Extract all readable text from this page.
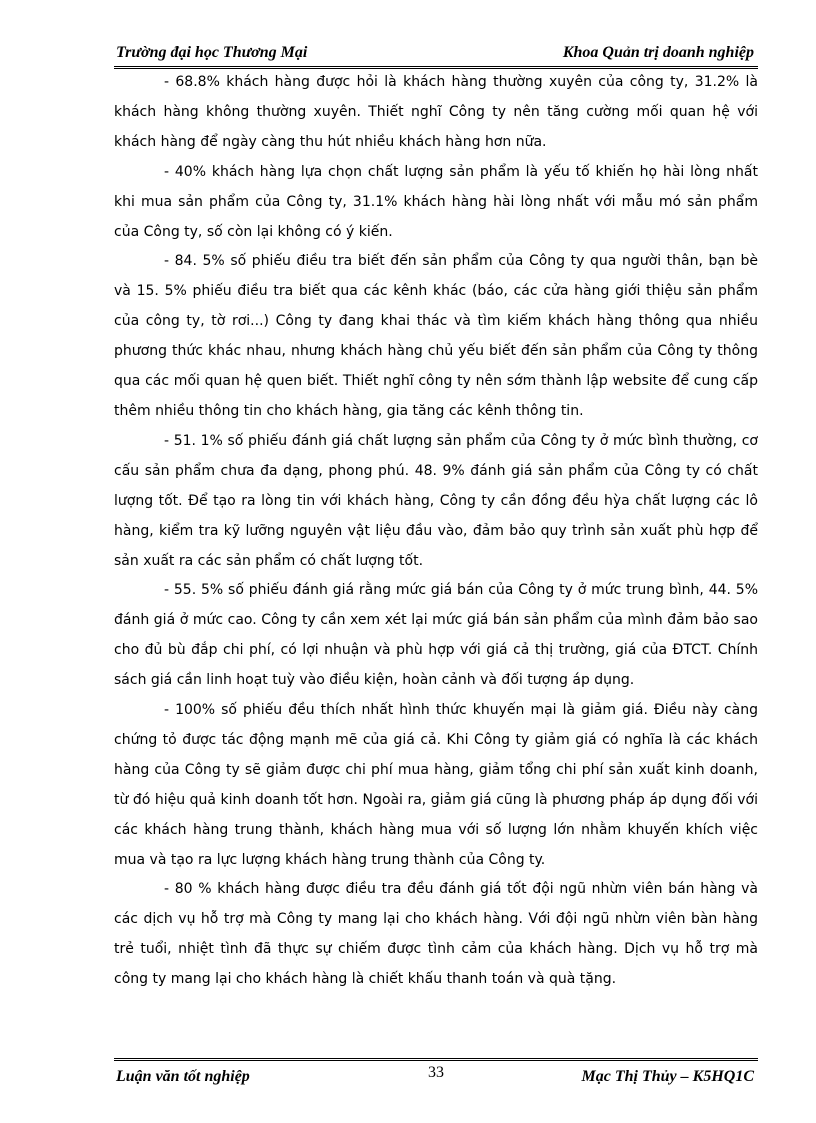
Trường đại học Thương Mại	Khoa Quản trị doanh nghiệp

- 68.8% khách hàng được hỏi là khách hàng thường xuyên của công ty, 31.2% là khách hàng không thường xuyên. Thiết nghĩ Công ty nên tăng cường mối quan hệ với khách hàng để ngày càng thu hút nhiều khách hàng hơn nữa.

- 40% khách hàng lựa chọn chất lượng sản phẩm là yếu tố khiến họ hài lòng nhất khi mua sản phẩm của Công ty, 31.1% khách hàng hài lòng nhất với mẫu mó sản phẩm của Công ty, số còn lại không có ý kiến.

- 84. 5% số phiếu điều tra biết đến sản phẩm của Công ty qua người thân, bạn bè và 15. 5% phiếu điều tra biết qua các kênh khác (báo, các cửa hàng giới thiệu sản phẩm của công ty, tờ rơi...) Công ty đang khai thác và tìm kiếm khách hàng thông qua nhiều phương thức khác nhau, nhưng khách hàng chủ yếu biết đến sản phẩm của Công ty thông qua các mối quan hệ quen biết. Thiết nghĩ công ty nên sớm thành lập website để cung cấp thêm nhiều thông tin cho khách hàng, gia tăng các kênh thông tin.

- 51. 1% số phiếu đánh giá chất lượng sản phẩm của Công ty ở mức bình thường, cơ cấu sản phẩm chưa đa dạng, phong phú. 48. 9% đánh giá sản phẩm của Công ty có chất lượng tốt. Để tạo ra lòng tin với khách hàng, Công ty cần đồng đều hỳa chất lượng các lô hàng, kiểm tra kỹ lưỡng nguyên vật liệu đầu vào, đảm bảo quy trình sản xuất phù hợp để sản xuất ra các sản phẩm có chất lượng tốt.

- 55. 5% số phiếu đánh giá rằng mức giá bán của Công ty ở mức trung bình, 44. 5% đánh giá ở mức cao. Công ty cần xem xét lại mức giá bán sản phẩm của mình đảm bảo sao cho đủ bù đắp chi phí, có lợi nhuận và phù hợp với giá cả thị trường, giá của ĐTCT. Chính sách giá cần linh hoạt tuỳ vào điều kiện, hoàn cảnh và đối tượng áp dụng.

- 100% số phiếu đều thích nhất hình thức khuyến mại là giảm giá. Điều này càng chứng tỏ được tác động mạnh mẽ của giá cả. Khi Công ty giảm giá có nghĩa là các khách hàng của Công ty sẽ giảm được chi phí mua hàng, giảm tổng chi phí sản xuất kinh doanh, từ đó hiệu quả kinh doanh tốt hơn. Ngoài ra, giảm giá cũng là phương pháp áp dụng đối với các khách hàng trung thành, khách hàng mua với số lượng lớn nhằm khuyến khích việc mua và tạo ra lực lượng khách hàng trung thành của Công ty.

- 80 % khách hàng được điều tra đều đánh giá tốt đội ngũ nhừn viên bán hàng và các dịch vụ hỗ trợ mà Công ty mang lại cho khách hàng. Với đội ngũ nhừn viên bàn hàng trẻ tuổi, nhiệt tình đã thực sự chiếm được tình cảm của khách hàng. Dịch vụ hỗ trợ mà công ty mang lại cho khách hàng là chiết khấu thanh toán và quà tặng.

Luận văn tốt nghiệp	33	Mạc Thị Thủy – K5HQ1C
